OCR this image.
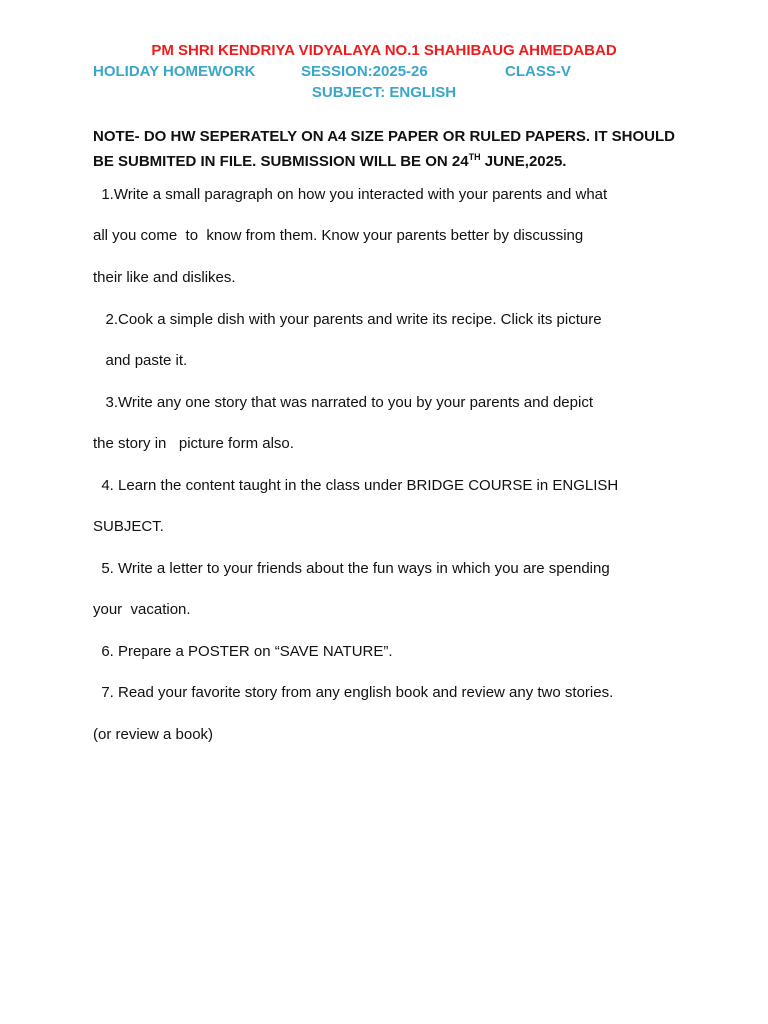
PM SHRI KENDRIYA VIDYALAYA NO.1 SHAHIBAUG AHMEDABAD
HOLIDAY HOMEWORK	SESSION:2025-26	CLASS-V
SUBJECT: ENGLISH
NOTE- DO HW SEPERATELY ON A4 SIZE PAPER OR RULED PAPERS. IT SHOULD
BE SUBMITED IN FILE. SUBMISSION WILL BE ON 24TH JUNE,2025.
1.Write a small paragraph on how you interacted with your parents and what
all you come  to  know from them. Know your parents better by discussing
their like and dislikes.
2.Cook a simple dish with your parents and write its recipe. Click its picture
and paste it.
3.Write any one story that was narrated to you by your parents and depict
the story in   picture form also.
4. Learn the content taught in the class under BRIDGE COURSE in ENGLISH
SUBJECT.
5. Write a letter to your friends about the fun ways in which you are spending
your  vacation.
6. Prepare a POSTER on “SAVE NATURE”.
7. Read your favorite story from any english book and review any two stories.
(or review a book)
